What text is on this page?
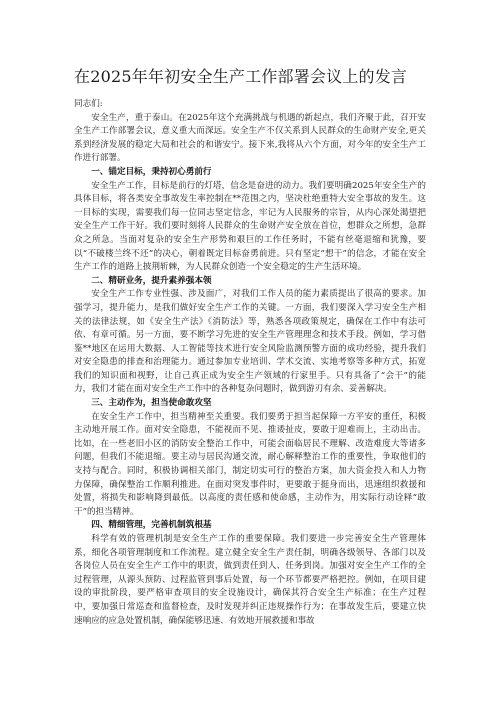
在2025年年初安全生产工作部署会议上的发言

同志们:

安全生产，重于泰山。在2025年这个充满挑战与机遇的新起点，我们齐聚于此，召开安全生产工作部署会议，意义重大而深远。安全生产不仅关系到人民群众的生命财产安全,更关系到经济发展的稳定大局和社会的和谐安宁。接下来,我将从六个方面，对今年的安全生产工作进行部署。

一、锚定目标，秉持初心勇前行

安全生产工作，目标是前行的灯塔，信念是奋进的动力。我们要明确2025年安全生产的具体目标，将各类安全事故发生率控制在**范围之内，坚决杜绝重特大安全事故的发生。这一目标的实现，需要我们每一位同志坚定信念，牢记为人民服务的宗旨，从内心深处渴望把安全生产工作干好。我们要时刻将人民群众的生命财产安全放在首位，想群众之所想，急群众之所急。当面对复杂的安全生产形势和艰巨的工作任务时，不能有丝毫退缩和犹豫，要以“不破楼兰终不还”的决心，朝着既定目标奋勇前进。只有坚定“想干”的信念，才能在安全生产工作的道路上披荆斩棘，为人民群众创造一个安全稳定的生产生活环境。

二、精研业务，提升素养强本领

安全生产工作专业性强、涉及面广，对我们工作人员的能力素质提出了很高的要求。加强学习，提升能力，是我们做好安全生产工作的关键。一方面，我们要深入学习安全生产相关的法律法规，如《安全生产法》《消防法》等，熟悉各项政策规定，确保在工作中有法可依、有章可循。另一方面，要不断学习先进的安全生产管理理念和技术手段。例如，学习借鉴**地区在运用大数据、人工智能等技术进行安全风险监测预警方面的成功经验，提升我们对安全隐患的排查和治理能力。通过参加专业培训、学术交流、实地考察等多种方式，拓宽我们的知识面和视野，让自己真正成为安全生产领域的行家里手。只有具备了“会干”的能力，我们才能在面对安全生产工作中的各种复杂问题时，做到游刃有余、妥善解决。

三、主动作为，担当使命敢攻坚

在安全生产工作中，担当精神至关重要。我们要勇于担当起保障一方平安的重任，积极主动地开展工作。面对安全隐患，不能视而不见、推诿扯皮，要敢于迎难而上，主动出击。比如，在一些老旧小区的消防安全整治工作中，可能会面临居民不理解、改造难度大等诸多问题，但我们不能退缩。要主动与居民沟通交流，耐心解释整治工作的重要性，争取他们的支持与配合。同时，积极协调相关部门，制定切实可行的整治方案，加大资金投入和人力物力保障，确保整治工作顺利推进。在面对突发事件时，更要敢于挺身而出，迅速组织救援和处置，将损失和影响降到最低。以高度的责任感和使命感，主动作为，用实际行动诠释“敢干”的担当精神。

四、精细管理，完善机制筑根基

科学有效的管理机制是安全生产工作的重要保障。我们要进一步完善安全生产管理体系，细化各项管理制度和工作流程。建立健全安全生产责任制，明确各级领导、各部门以及各岗位人员在安全生产工作中的职责，做到责任到人、任务到岗。加强对安全生产工作的全过程管理，从源头预防、过程监管到事后处置，每一个环节都要严格把控。例如，在项目建设的审批阶段，要严格审查项目的安全设施设计，确保其符合安全生产标准；在生产过程中，要加强日常巡查和监督检查，及时发现并纠正违规操作行为；在事故发生后，要建立快速响应的应急处置机制，确保能够迅速、有效地开展救援和事故
